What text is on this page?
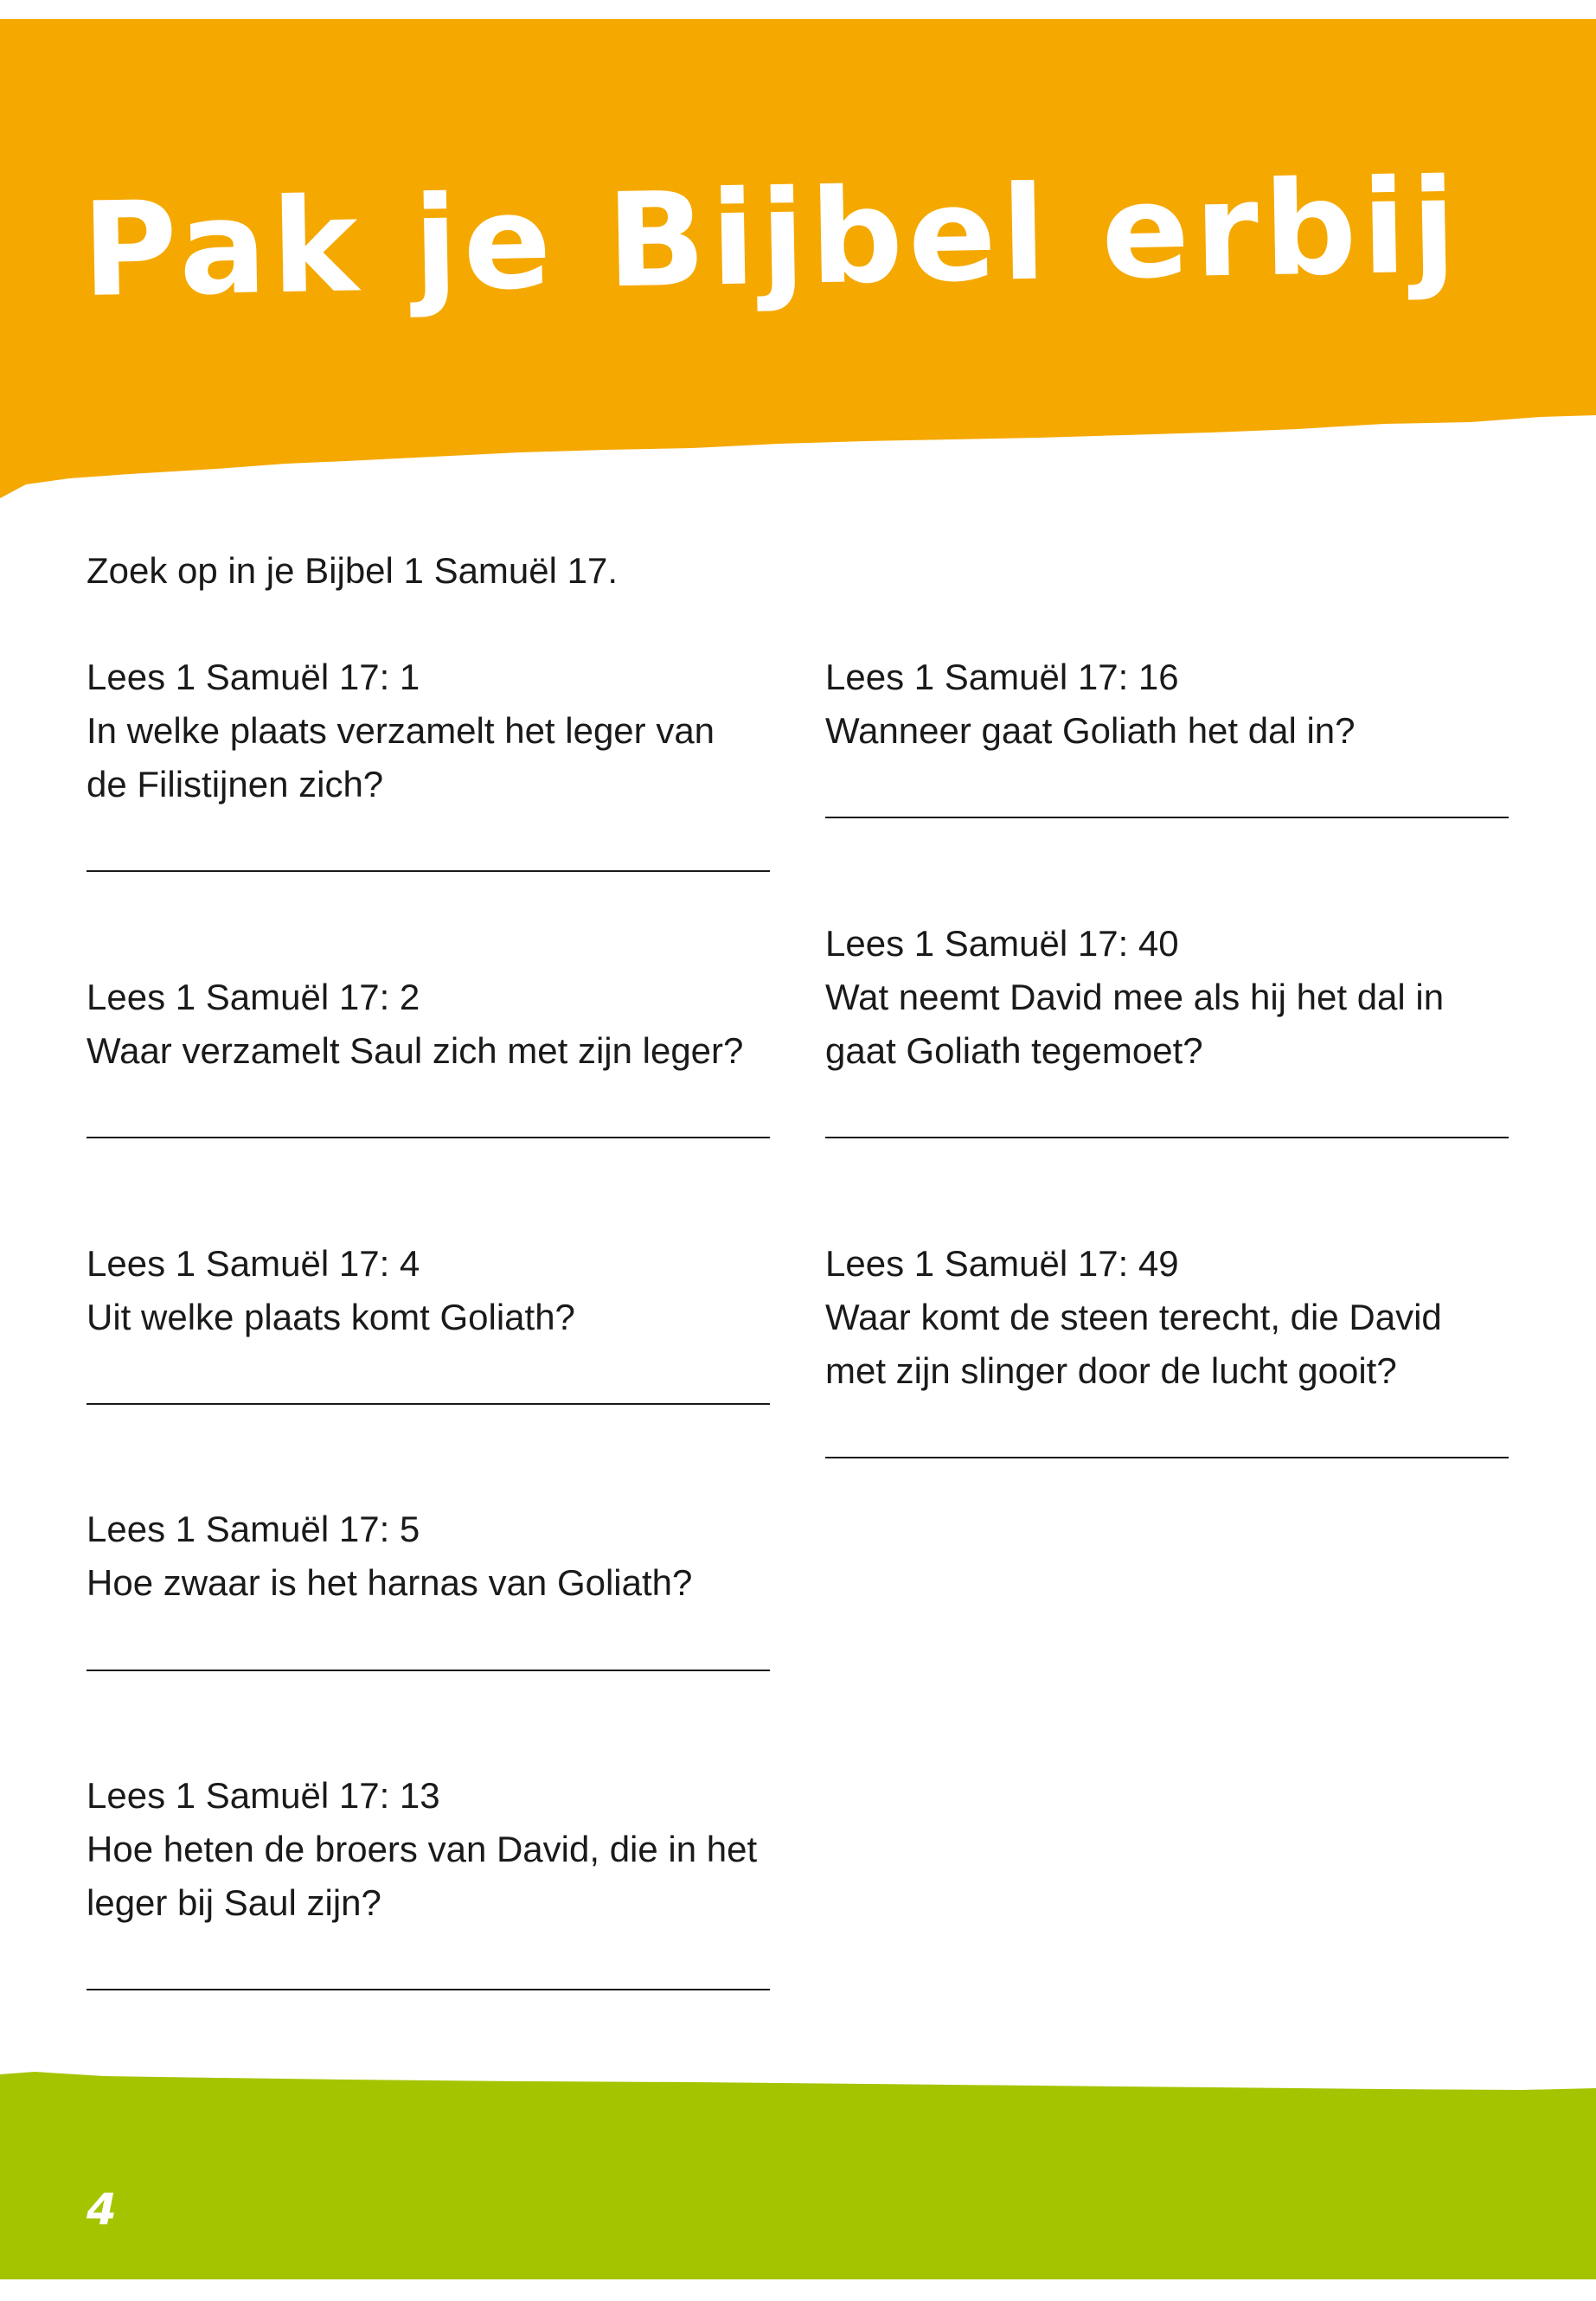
Pak je Bijbel erbij

Zoek op in je Bijbel 1 Samuël 17.

Lees 1 Samuël 17: 1

In welke plaats verzamelt het leger van
de Filistijnen zich?

Lees 1 Samuël 17: 2

Waar verzamelt Saul zich met zijn leger?

Lees 1 Samuël 17: 4

Uit welke plaats komt Goliath?

Lees 1 Samuël 17: 5

Hoe zwaar is het harnas van Goliath?

Lees 1 Samuël 17: 13

Hoe heten de broers van David, die in het
leger bij Saul zijn?

Lees 1 Samuël 17: 16

Wanneer gaat Goliath het dal in?

Lees 1 Samuël 17: 40

Wat neemt David mee als hij het dal in
gaat Goliath tegemoet?

Lees 1 Samuël 17: 49

Waar komt de steen terecht, die David
met zijn slinger door de lucht gooit?

4
